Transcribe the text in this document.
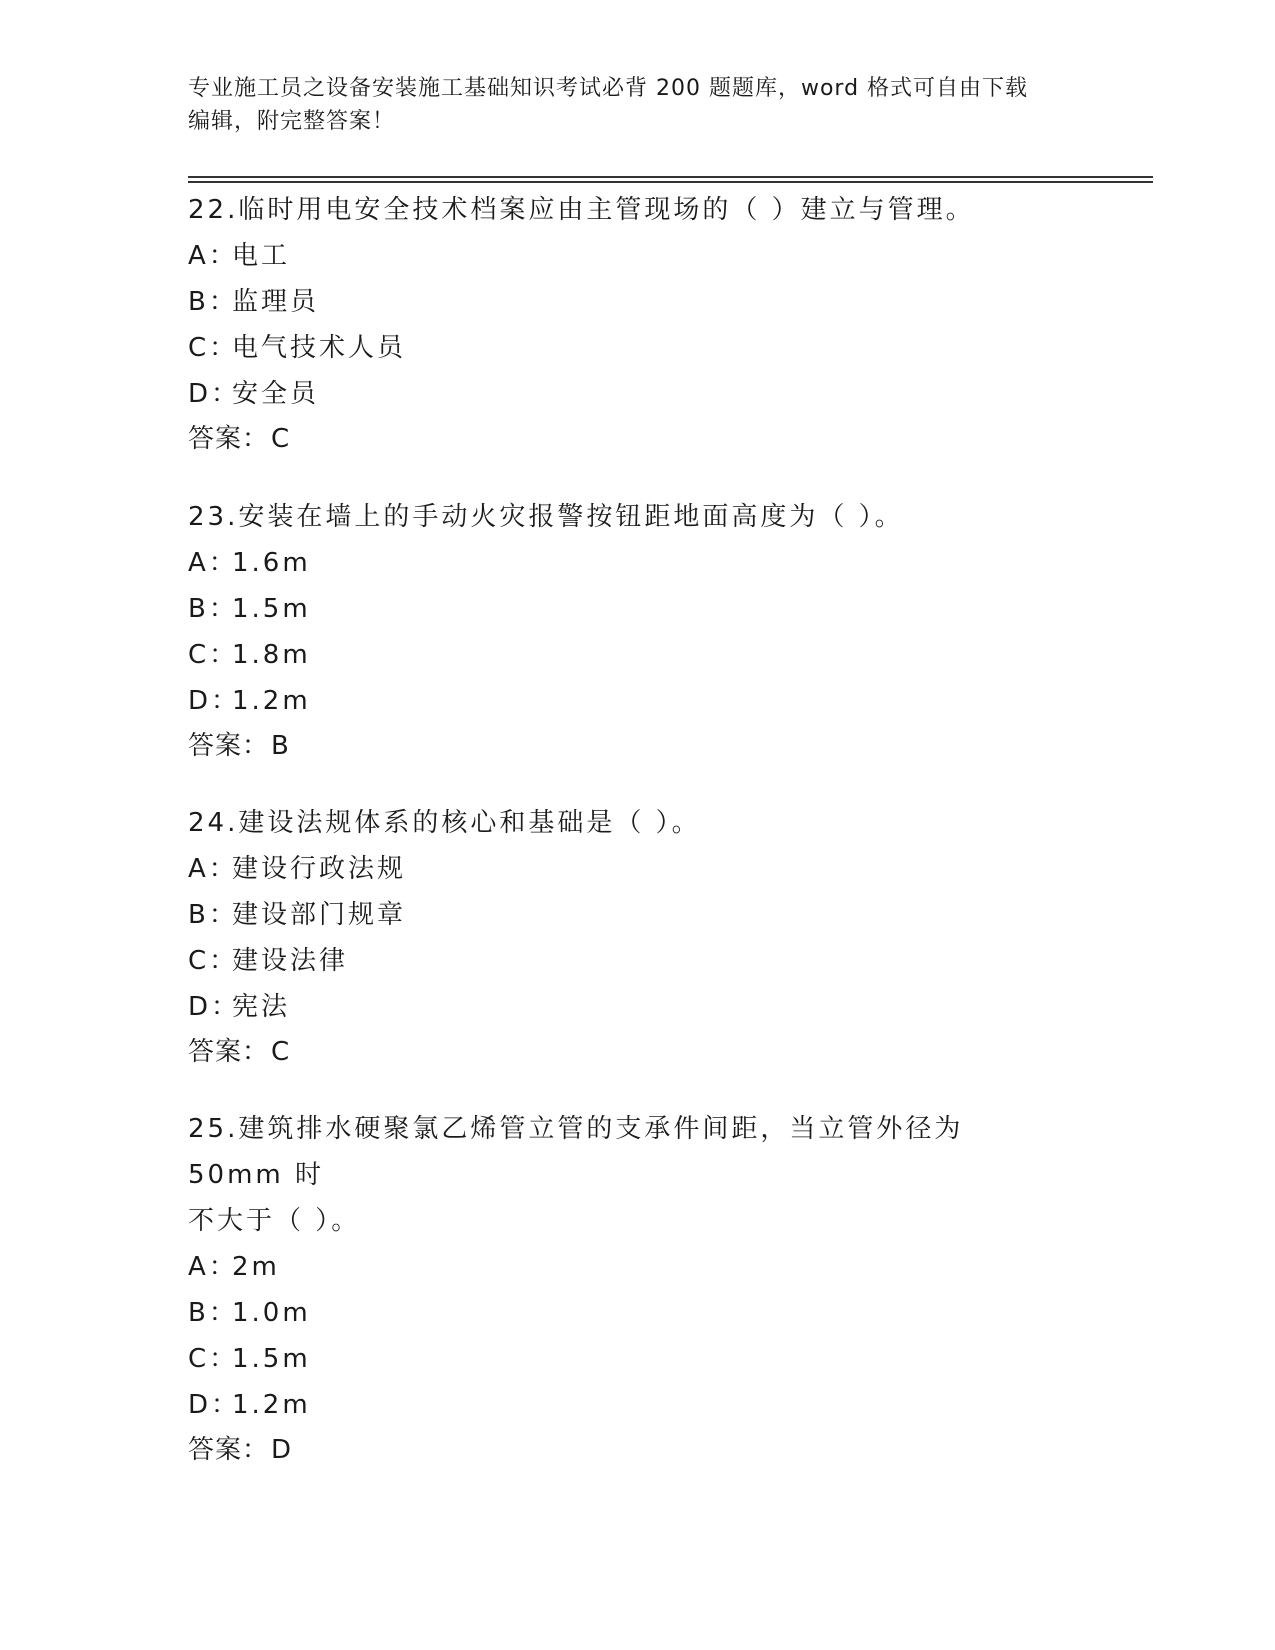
专业施工员之设备安装施工基础知识考试必背 200 题题库，word 格式可自由下载
编辑，附完整答案！

22.临时用电安全技术档案应由主管现场的（ ）建立与管理。

A：
电工
B：
监理员
C：
电气技术人员
D：
安全员

答案：C

23.安装在墙上的手动火灾报警按钮距地面高度为（ ）。

A：
1.6m
B：
1.5m
C：
1.8m
D：
1.2m

答案：B

24.建设法规体系的核心和基础是（ ）。

A：
建设行政法规
B：
建设部门规章
C：
建设法律
D：
宪法

答案：C

25.建筑排水硬聚氯乙烯管立管的支承件间距，当立管外径为 50mm 时

不大于（ ）。

A：
2m
B：
1.0m
C：
1.5m
D：
1.2m

答案：D
